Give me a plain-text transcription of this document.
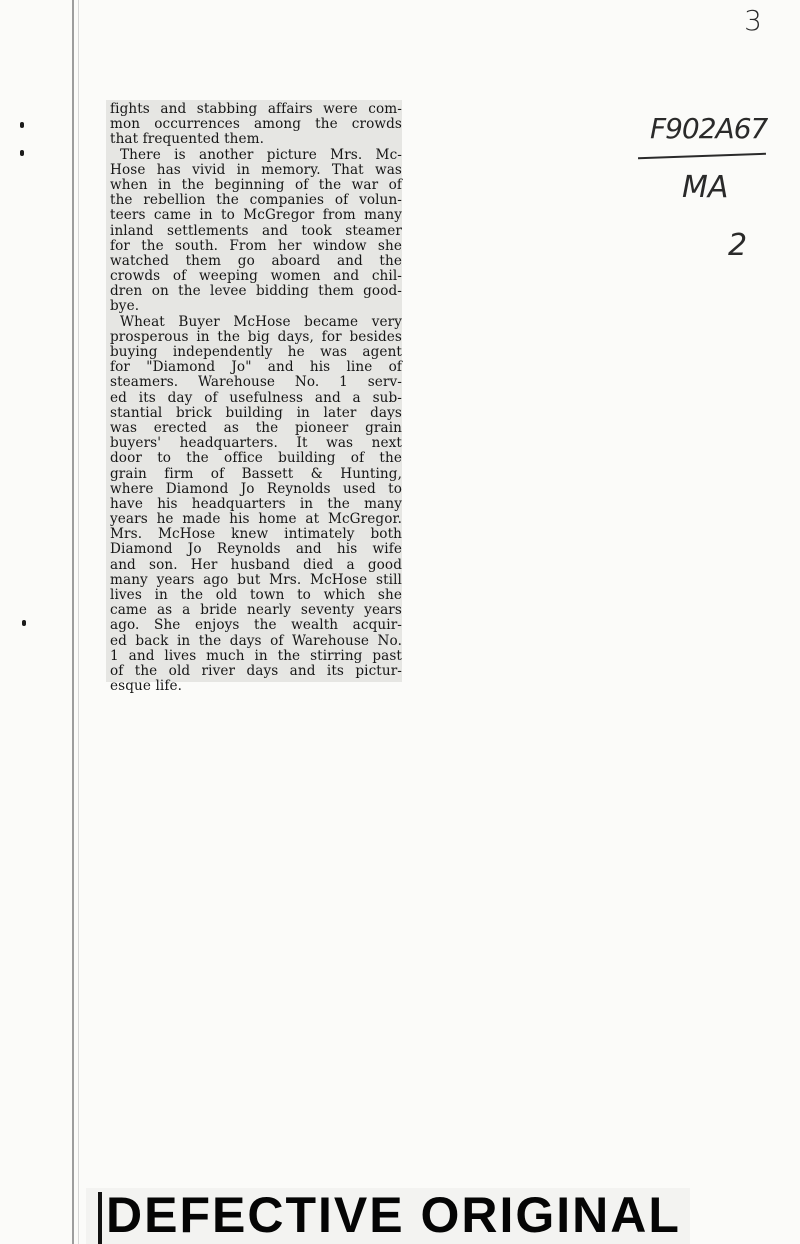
3
F902A67
MA
2
fights and stabbing affairs were com-
mon occurrences among the crowds
that frequented them.
There is another picture Mrs. Mc-
Hose has vivid in memory. That was
when in the beginning of the war of
the rebellion the companies of volun-
teers came in to McGregor from many
inland settlements and took steamer
for the south. From her window she
watched them go aboard and the
crowds of weeping women and chil-
dren on the levee bidding them good-
bye.
Wheat Buyer McHose became very
prosperous in the big days, for besides
buying independently he was agent
for "Diamond Jo" and his line of
steamers. Warehouse No. 1 serv-
ed its day of usefulness and a sub-
stantial brick building in later days
was erected as the pioneer grain
buyers' headquarters. It was next
door to the office building of the
grain firm of Bassett & Hunting,
where Diamond Jo Reynolds used to
have his headquarters in the many
years he made his home at McGregor.
Mrs. McHose knew intimately both
Diamond Jo Reynolds and his wife
and son. Her husband died a good
many years ago but Mrs. McHose still
lives in the old town to which she
came as a bride nearly seventy years
ago. She enjoys the wealth acquir-
ed back in the days of Warehouse No.
1 and lives much in the stirring past
of the old river days and its pictur-
esque life.
DEFECTIVE ORIGINAL
